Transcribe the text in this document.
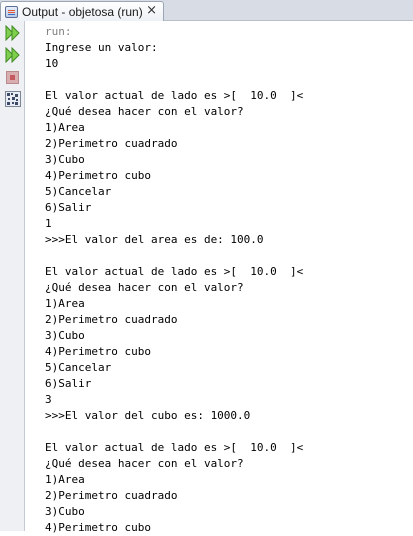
Output - objetosa (run) ×
run:
Ingrese un valor:
10
El valor actual de lado es >[  10.0  ]<
¿Qué desea hacer con el valor?
1)Area
2)Perimetro cuadrado
3)Cubo
4)Perimetro cubo
5)Cancelar
6)Salir
1
>>>El valor del area es de: 100.0
El valor actual de lado es >[  10.0  ]<
¿Qué desea hacer con el valor?
1)Area
2)Perimetro cuadrado
3)Cubo
4)Perimetro cubo
5)Cancelar
6)Salir
3
>>>El valor del cubo es: 1000.0
El valor actual de lado es >[  10.0  ]<
¿Qué desea hacer con el valor?
1)Area
2)Perimetro cuadrado
3)Cubo
4)Perimetro cubo
